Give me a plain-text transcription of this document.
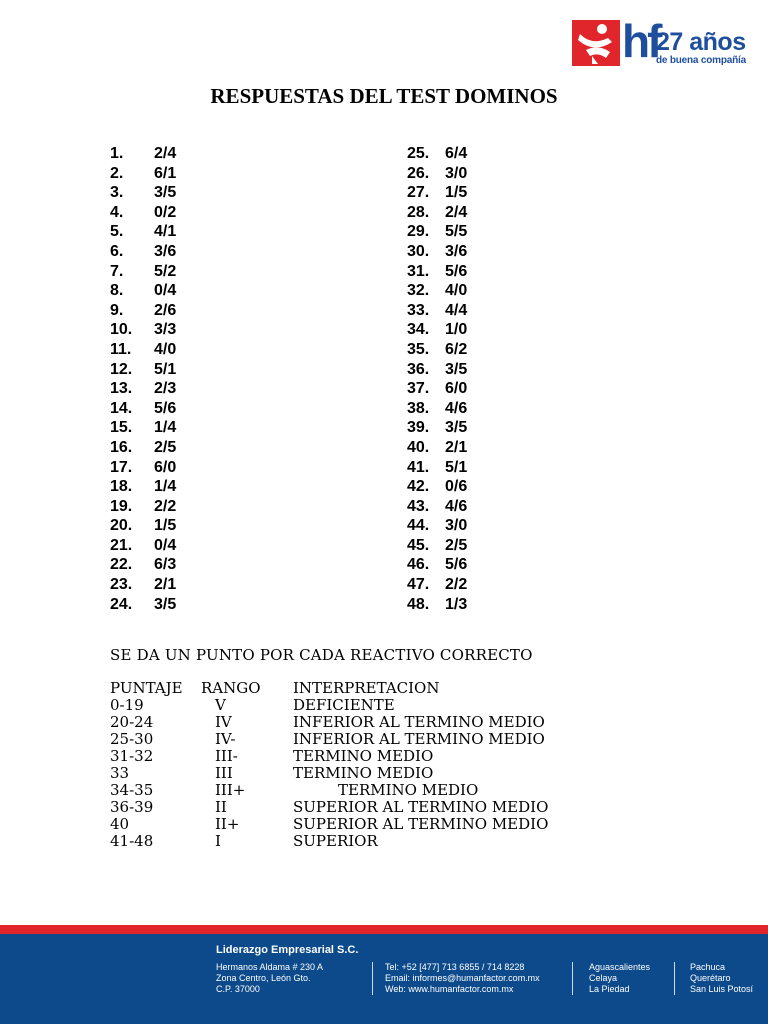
hf
27 años
de buena compañía
RESPUESTAS DEL TEST DOMINOS
1. 2/4
2. 6/1
3. 3/5
4. 0/2
5. 4/1
6. 3/6
7. 5/2
8. 0/4
9. 2/6
10. 3/3
11. 4/0
12. 5/1
13. 2/3
14. 5/6
15. 1/4
16. 2/5
17. 6/0
18. 1/4
19. 2/2
20. 1/5
21. 0/4
22. 6/3
23. 2/1
24. 3/5
25. 6/4
26. 3/0
27. 1/5
28. 2/4
29. 5/5
30. 3/6
31. 5/6
32. 4/0
33. 4/4
34. 1/0
35. 6/2
36. 3/5
37. 6/0
38. 4/6
39. 3/5
40. 2/1
41. 5/1
42. 0/6
43. 4/6
44. 3/0
45. 2/5
46. 5/6
47. 2/2
48. 1/3
SE DA UN PUNTO POR CADA REACTIVO CORRECTO
PUNTAJE RANGO INTERPRETACION
0-19	V	DEFICIENTE
20-24	IV	INFERIOR AL TERMINO MEDIO
25-30	IV-	INFERIOR AL TERMINO MEDIO
31-32	III-	TERMINO MEDIO
33	III	TERMINO MEDIO
34-35	III+	TERMINO MEDIO
36-39	II	SUPERIOR AL TERMINO MEDIO
40	II+	SUPERIOR AL TERMINO MEDIO
41-48	I	SUPERIOR
Liderazgo Empresarial S.C.
Hermanos Aldama # 230 A
Zona Centro, León Gto.
C.P. 37000
Tel: +52 [477] 713 6855 / 714 8228
Email: informes@humanfactor.com.mx
Web: www.humanfactor.com.mx
Aguascalientes
Celaya
La Piedad
Pachuca
Querétaro
San Luis Potosí
